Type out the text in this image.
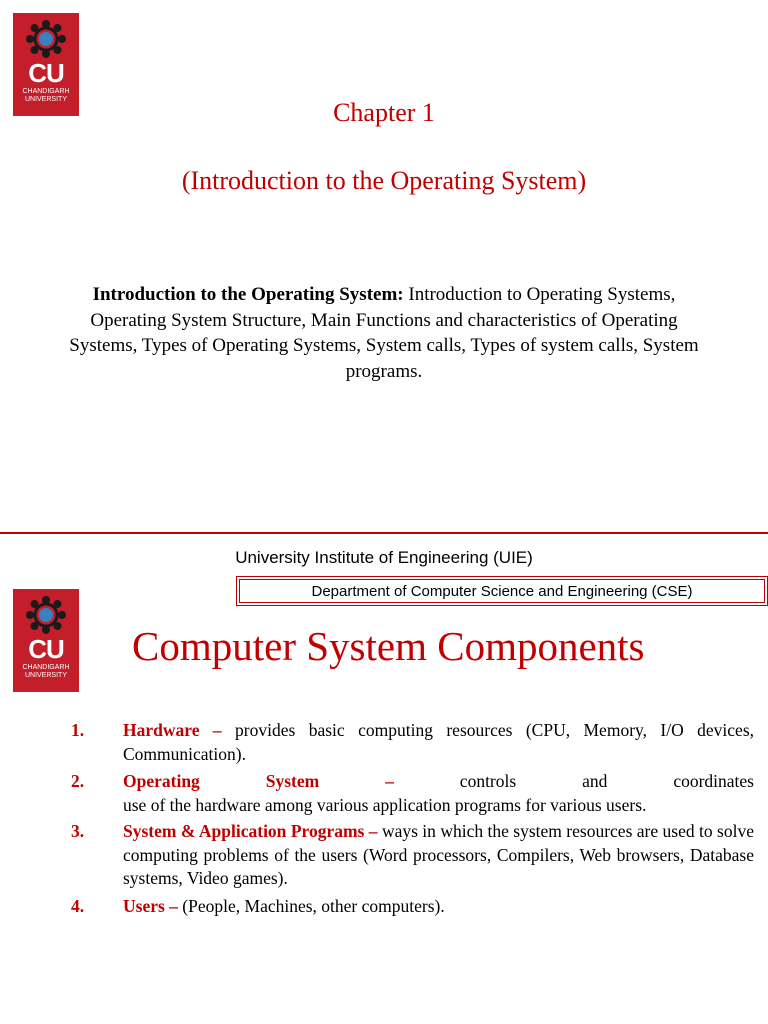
CU
CHANDIGARH
UNIVERSITY	Chapter 1
(Introduction to the Operating System)
Introduction to the Operating System: Introduction to Operating Systems, Operating System Structure, Main Functions and characteristics of Operating Systems, Types of Operating Systems, System calls, Types of system calls, System programs.
University Institute of Engineering (UIE)
Department of Computer Science and Engineering (CSE)
CU
CHANDIGARH
UNIVERSITY
Computer System Components
1. Hardware – provides basic computing resources (CPU, Memory, I/O devices, Communication).
2. Operating	System	–	controls	and	coordinates
use of the hardware among various application programs for various users.
3. System & Application Programs – ways in which the system resources are used to solve computing problems of the users (Word processors, Compilers, Web browsers, Database systems, Video games).
4. Users – (People, Machines, other computers).
